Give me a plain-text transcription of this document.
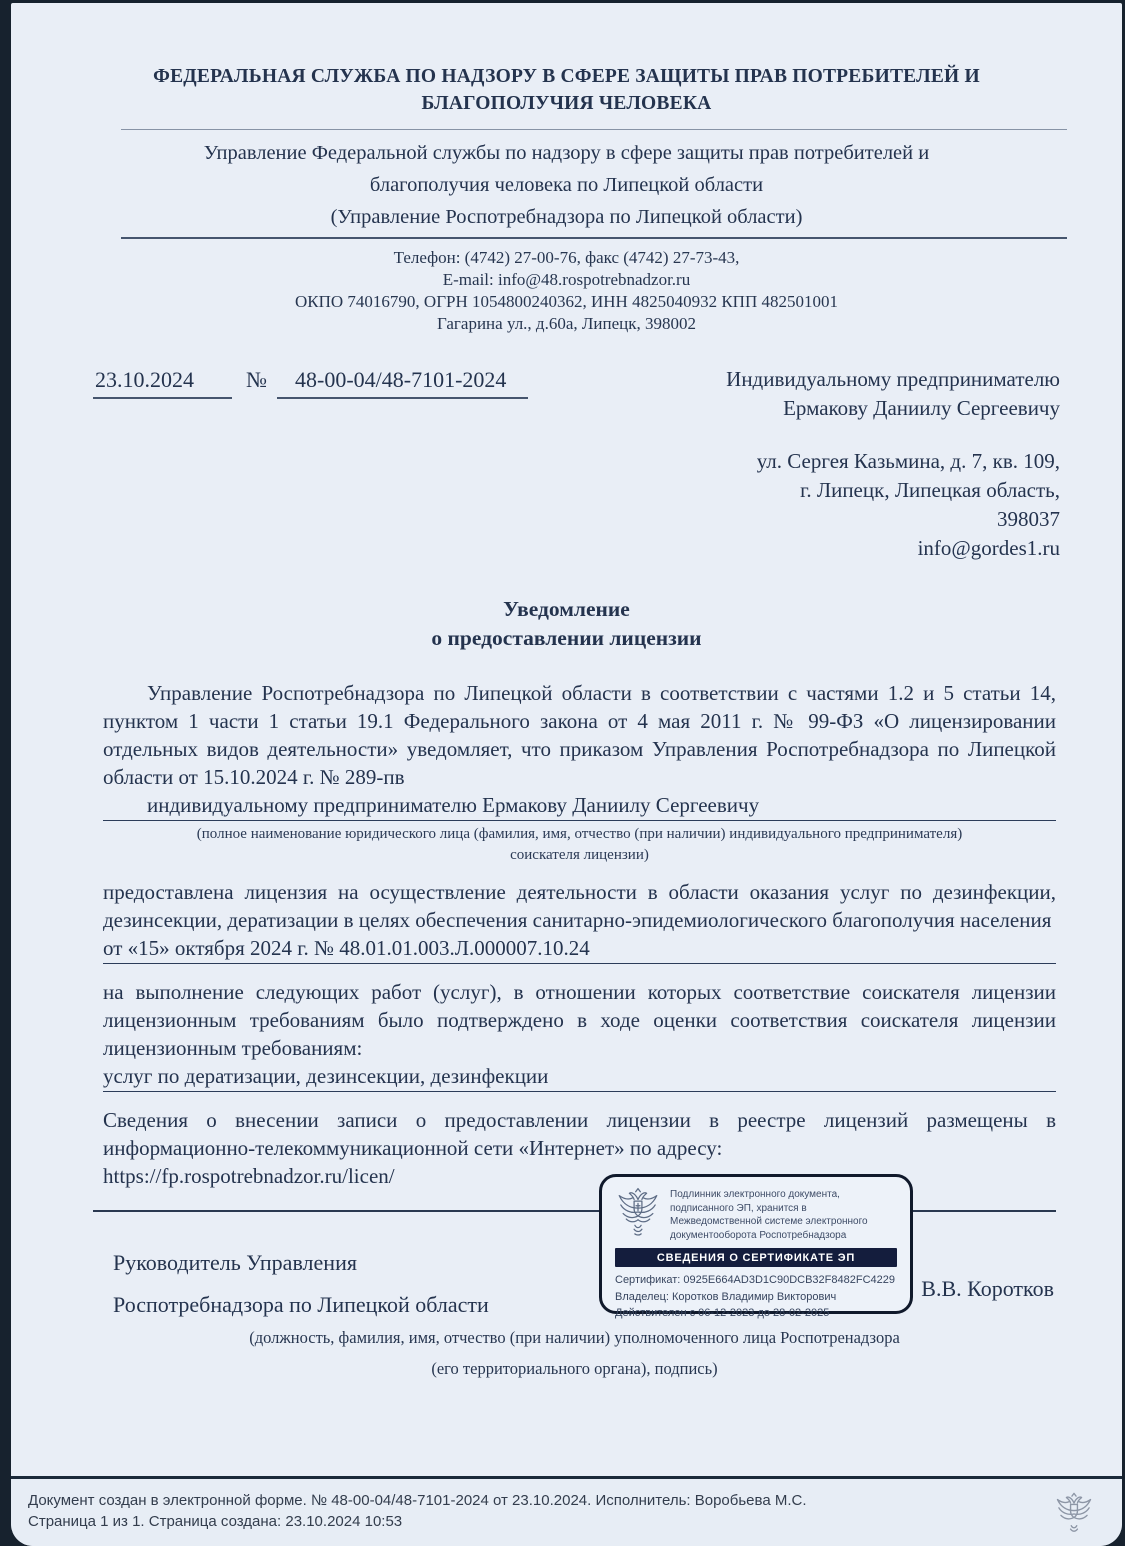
ФЕДЕРАЛЬНАЯ СЛУЖБА ПО НАДЗОРУ В СФЕРЕ ЗАЩИТЫ ПРАВ ПОТРЕБИТЕЛЕЙ И БЛАГОПОЛУЧИЯ ЧЕЛОВЕКА
Управление Федеральной службы по надзору в сфере защиты прав потребителей и благополучия человека по Липецкой области
(Управление Роспотребнадзора по Липецкой области)
Телефон: (4742) 27-00-76, факс (4742) 27-73-43,
E-mail: info@48.rospotrebnadzor.ru
ОКПО 74016790, ОГРН 1054800240362, ИНН 4825040932 КПП 482501001
Гагарина ул., д.60а, Липецк, 398002
23.10.2024 № 48-00-04/48-7101-2024	Индивидуальному предпринимателю
Ермакову Даниилу Сергеевичу
ул. Сергея Казьмина, д. 7, кв. 109,
г. Липецк, Липецкая область,
398037
info@gordes1.ru
Уведомление
о предоставлении лицензии

Управление Роспотребнадзора по Липецкой области в соответствии с частями 1.2 и 5 статьи 14, пунктом 1 части 1 статьи 19.1 Федерального закона от 4 мая 2011 г. № 99-ФЗ «О лицензировании отдельных видов деятельности» уведомляет, что приказом Управления Роспотребнадзора по Липецкой области от 15.10.2024 г. № 289-пв
индивидуальному предпринимателю Ермакову Даниилу Сергеевичу

(полное наименование юридического лица (фамилия, имя, отчество (при наличии) индивидуального предпринимателя) соискателя лицензии)

предоставлена лицензия на осуществление деятельности в области оказания услуг по дезинфекции, дезинсекции, дератизации в целях обеспечения санитарно-эпидемиологического благополучия населения
от «15» октября 2024 г. № 48.01.01.003.Л.000007.10.24

на выполнение следующих работ (услуг), в отношении которых соответствие соискателя лицензии лицензионным требованиям было подтверждено в ходе оценки соответствия соискателя лицензии лицензионным требованиям:
услуг по дератизации, дезинсекции, дезинфекции

Сведения о внесении записи о предоставлении лицензии в реестре лицензий размещены в информационно-телекоммуникационной сети «Интернет» по адресу:
https://fp.rospotrebnadzor.ru/licen/

Подлинник электронного документа, подписанного ЭП, хранится в Межведомственной системе электронного документооборота Роспотребнадзора
СВЕДЕНИЯ О СЕРТИФИКАТЕ ЭП
Сертификат: 0925E664AD3D1C90DCB32F8482FC4229
Владелец: Коротков Владимир Викторович
Действителен с 06-12-2023 до 28-02-2025
Руководитель Управления
Роспотребнадзора по Липецкой области
В.В. Коротков
(должность, фамилия, имя, отчество (при наличии) уполномоченного лица Роспотренадзора
(его территориального органа), подпись)
Документ создан в электронной форме. № 48-00-04/48-7101-2024 от 23.10.2024. Исполнитель: Воробьева М.С.
Страница 1 из 1. Страница создана: 23.10.2024 10:53
